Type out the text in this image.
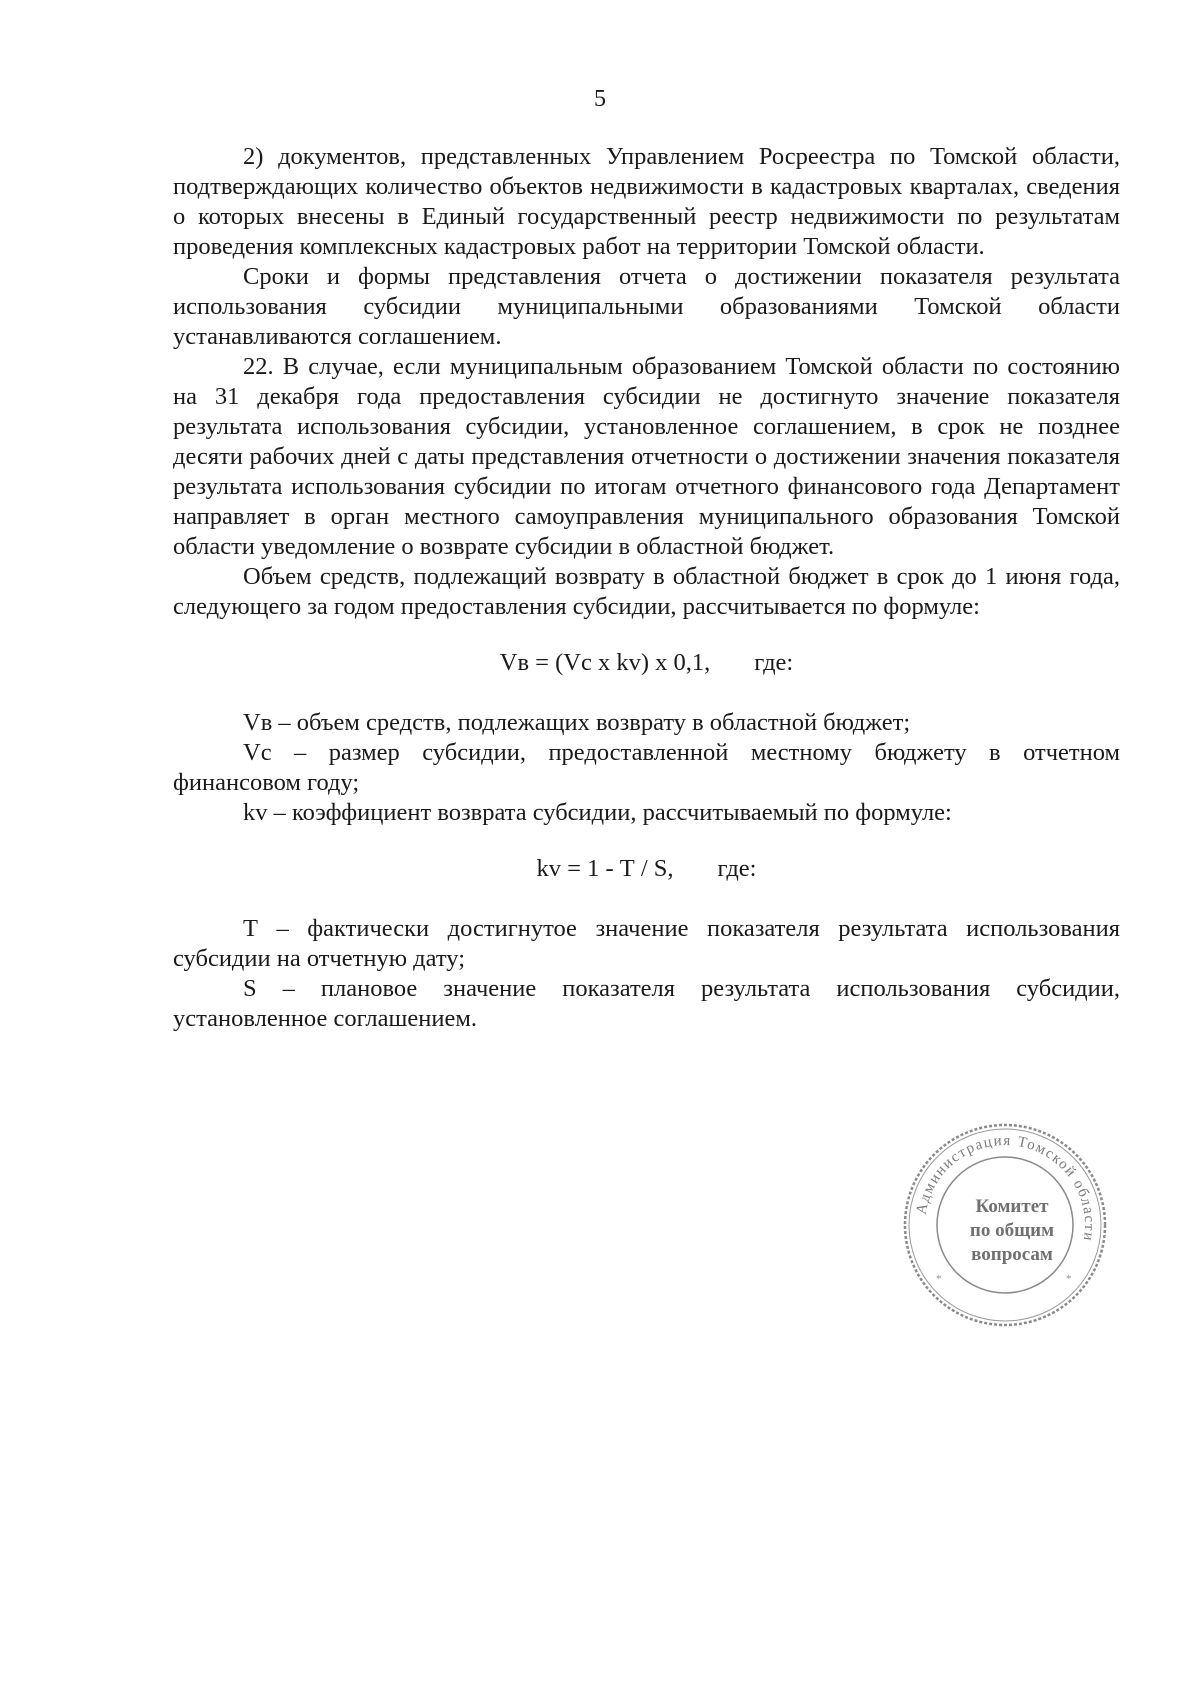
5

2) документов, представленных Управлением Росреестра по Томской области, подтверждающих количество объектов недвижимости в кадастровых кварталах, сведения о которых внесены в Единый государственный реестр недвижимости по результатам проведения комплексных кадастровых работ на территории Томской области.

Сроки и формы представления отчета о достижении показателя результата использования субсидии муниципальными образованиями Томской области устанавливаются соглашением.

22. В случае, если муниципальным образованием Томской области по состоянию на 31 декабря года предоставления субсидии не достигнуто значение показателя результата использования субсидии, установленное соглашением, в срок не позднее десяти рабочих дней с даты представления отчетности о достижении значения показателя результата использования субсидии по итогам отчетного финансового года Департамент направляет в орган местного самоуправления муниципального образования Томской области уведомление о возврате субсидии в областной бюджет.

Объем средств, подлежащий возврату в областной бюджет в срок до 1 июня года, следующего за годом предоставления субсидии, рассчитывается по формуле:

Vв = (Vс х kv) х 0,1, где:

Vв – объем средств, подлежащих возврату в областной бюджет;

Vс – размер субсидии, предоставленной местному бюджету в отчетном финансовом году;

kv – коэффициент возврата субсидии, рассчитываемый по формуле:

kv = 1 - Т / S, где:

Т – фактически достигнутое значение показателя результата использования субсидии на отчетную дату;

S – плановое значение показателя результата использования субсидии, установленное соглашением.

Администрация Томской области
Комитет
по общим
вопросам
*	*
